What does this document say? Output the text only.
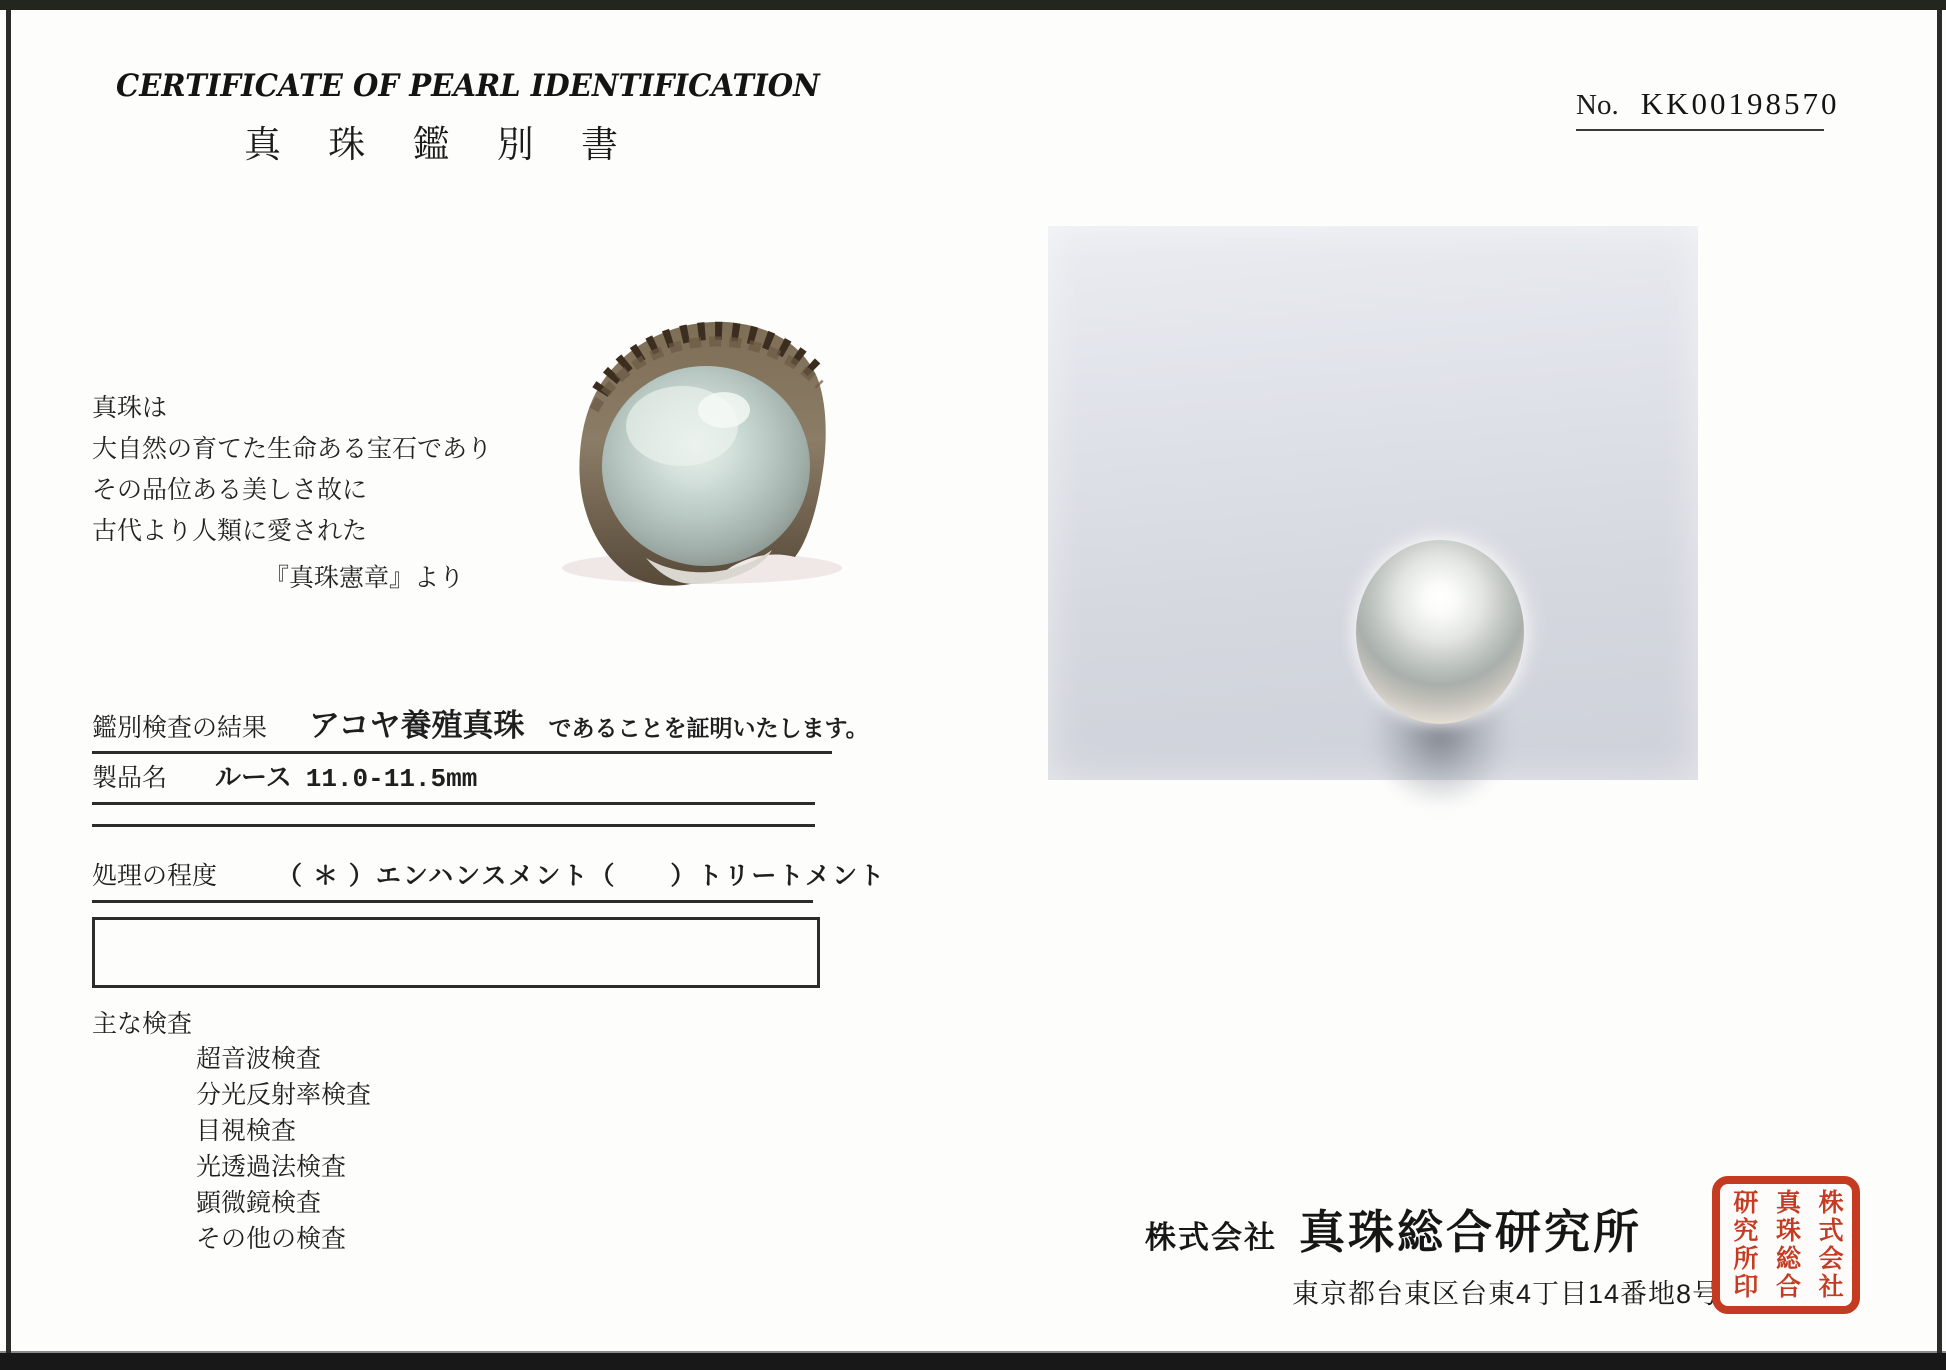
CERTIFICATE OF PEARL IDENTIFICATION
真 珠 鑑 別 書
No. KK00198570
真珠は
大自然の育てた生命ある宝石であり
その品位ある美しさ故に
古代より人類に愛された
『真珠憲章』より
鑑別検査の結果 アコヤ養殖真珠 であることを証明いたします。
製品名 ルース 11.0-11.5mm
処理の程度 （ ＊ ）エンハンスメント（　　）トリートメント
主な検査
超音波検査
分光反射率検査
目視検査
光透過法検査
顕微鏡検査
その他の検査	株式会社 真珠総合研究所
東京都台東区台東4丁目14番地8号	株式会社
真珠総合
研究所印
